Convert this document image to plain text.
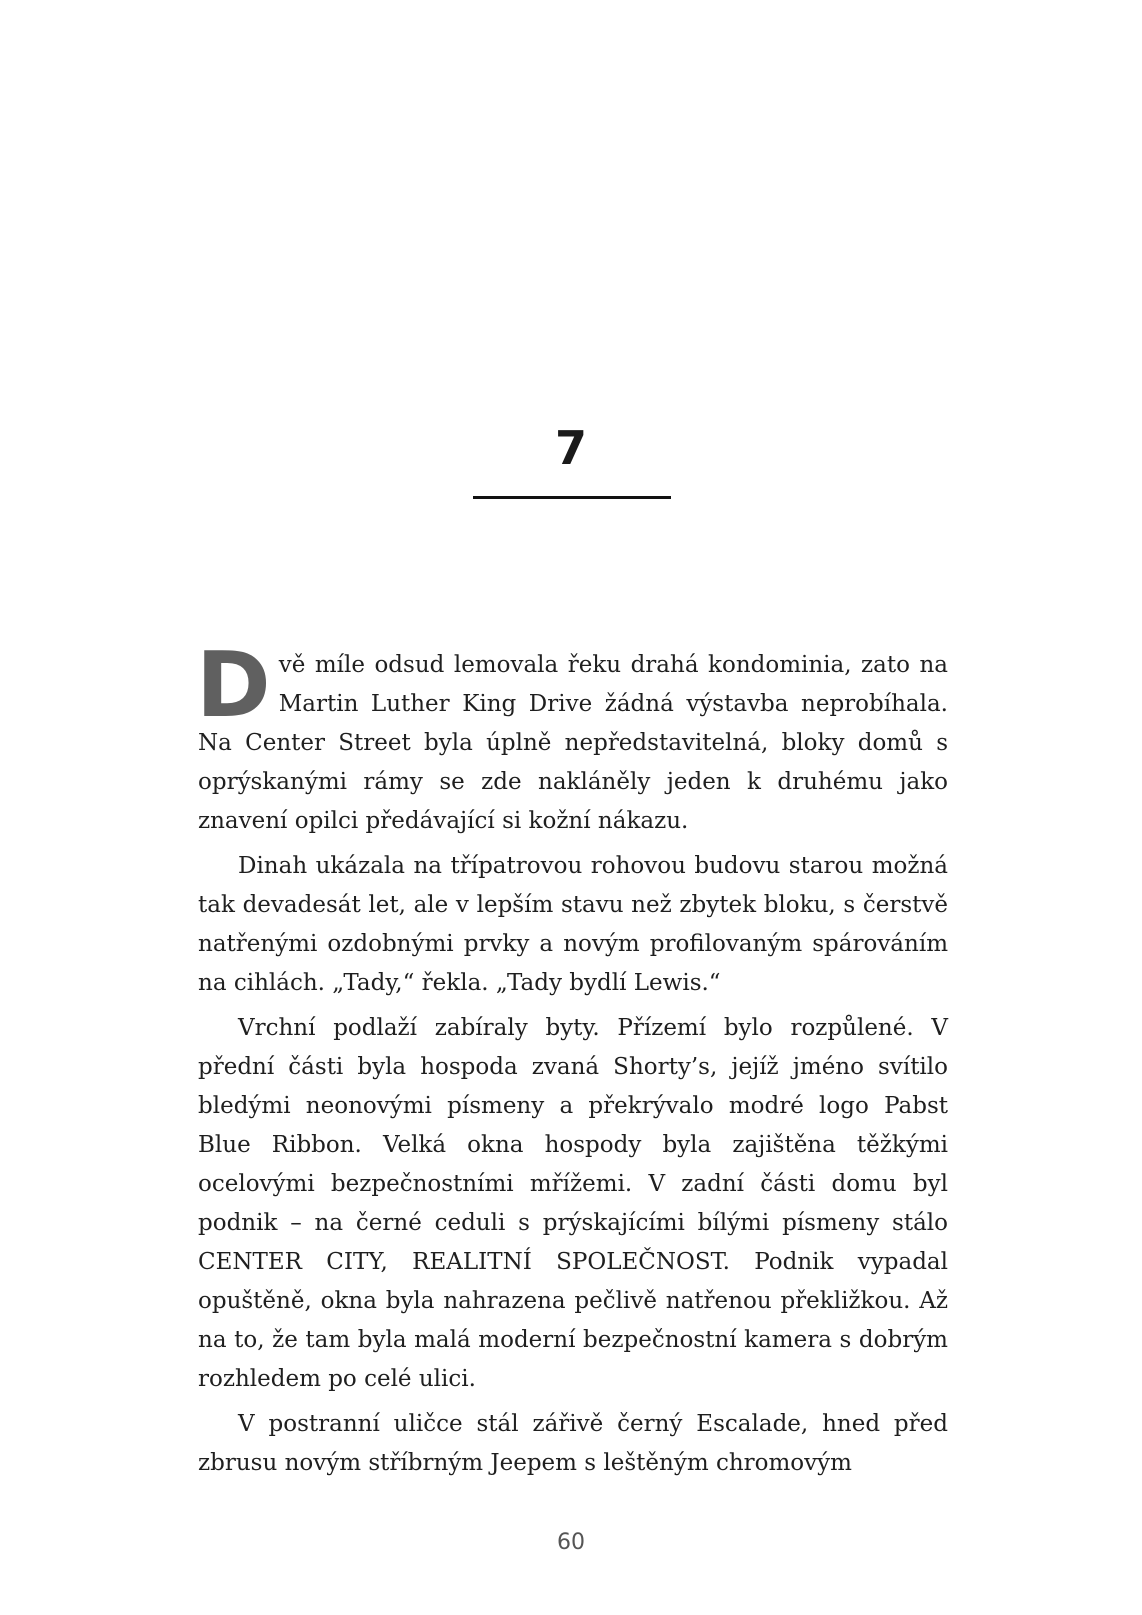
7

Dvě míle odsud lemovala řeku drahá kondominia, zato na Martin Luther King Drive žádná výstavba neprobíhala. Na Center Street byla úplně nepředstavitelná, bloky domů s oprýskanými rámy se zde nakláněly jeden k druhému jako znavení opilci předávající si kožní nákazu.

Dinah ukázala na třípatrovou rohovou budovu starou možná tak devadesát let, ale v lepším stavu než zbytek bloku, s čerstvě natřenými ozdobnými prvky a novým profilovaným spárováním na cihlách. „Tady,“ řekla. „Tady bydlí Lewis.“

Vrchní podlaží zabíraly byty. Přízemí bylo rozpůlené. V přední části byla hospoda zvaná Shorty’s, jejíž jméno svítilo bledými neonovými písmeny a překrývalo modré logo Pabst Blue Ribbon. Velká okna hospody byla zajištěna těžkými ocelovými bezpečnostními mřížemi. V zadní části domu byl podnik – na černé ceduli s prýskajícími bílými písmeny stálo CENTER CITY, REALITNÍ SPOLEČNOST. Podnik vypadal opuštěně, okna byla nahrazena pečlivě natřenou překližkou. Až na to, že tam byla malá moderní bezpečnostní kamera s dobrým rozhledem po celé ulici.

V postranní uličce stál zářivě černý Escalade, hned před zbrusu novým stříbrným Jeepem s leštěným chromovým

60
